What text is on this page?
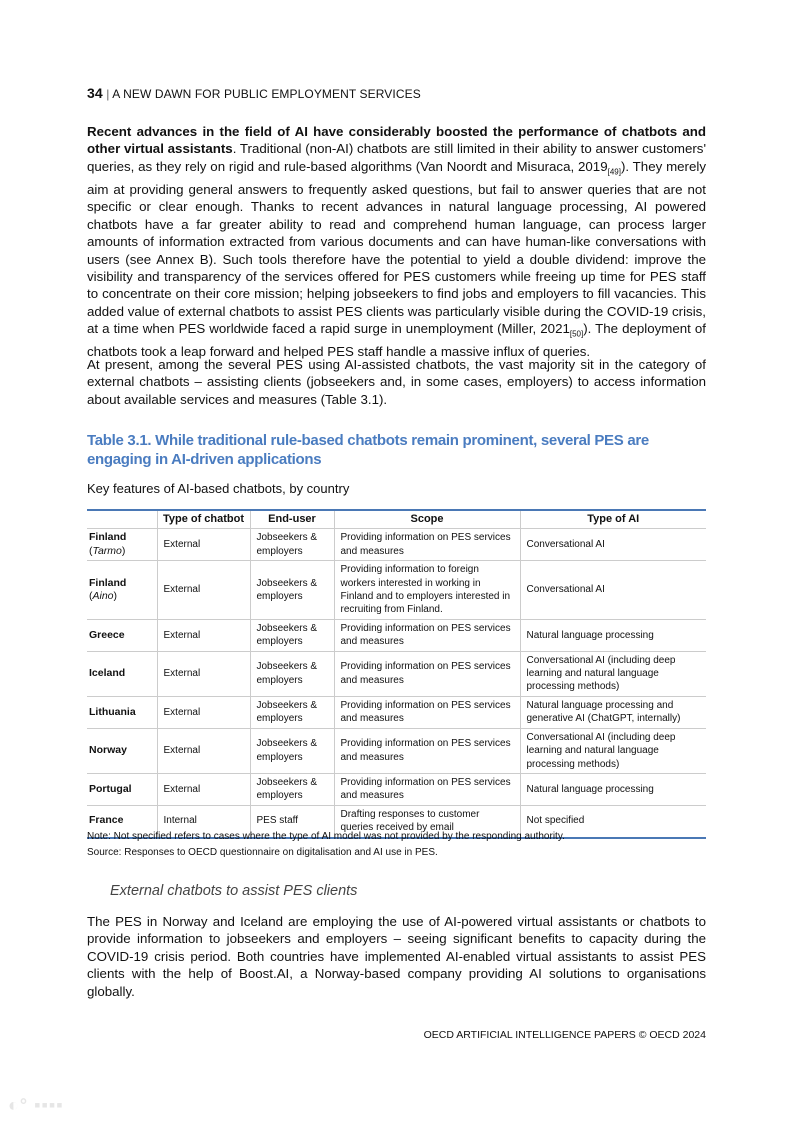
34 | A NEW DAWN FOR PUBLIC EMPLOYMENT SERVICES

Recent advances in the field of AI have considerably boosted the performance of chatbots and other virtual assistants. Traditional (non-AI) chatbots are still limited in their ability to answer customers' queries, as they rely on rigid and rule-based algorithms (Van Noordt and Misuraca, $2019_{[49]}$). They merely aim at providing general answers to frequently asked questions, but fail to answer queries that are not specific or clear enough. Thanks to recent advances in natural language processing, AI powered chatbots have a far greater ability to read and comprehend human language, can process larger amounts of information extracted from various documents and can have human-like conversations with users (see Annex B). Such tools therefore have the potential to yield a double dividend: improve the visibility and transparency of the services offered for PES customers while freeing up time for PES staff to concentrate on their core mission; helping jobseekers to find jobs and employers to fill vacancies. This added value of external chatbots to assist PES clients was particularly visible during the COVID-19 crisis, at a time when PES worldwide faced a rapid surge in unemployment (Miller, $2021_{[50]}$). The deployment of chatbots took a leap forward and helped PES staff handle a massive influx of queries.

At present, among the several PES using AI-assisted chatbots, the vast majority sit in the category of external chatbots – assisting clients (jobseekers and, in some cases, employers) to access information about available services and measures (Table 3.1).

Table 3.1. While traditional rule-based chatbots remain prominent, several PES are engaging in AI-driven applications
Key features of AI-based chatbots, by country
	Type of chatbot	End-user	Scope	Type of AI
Finland
(Tarmo)	External	Jobseekers & employers	Providing information on PES services and measures	Conversational AI
Finland
(Aino)	External	Jobseekers & employers	Providing information to foreign workers interested in working in Finland and to employers interested in recruiting from Finland.	Conversational AI
Greece	External	Jobseekers & employers	Providing information on PES services and measures	Natural language processing
Iceland	External	Jobseekers & employers	Providing information on PES services and measures	Conversational AI (including deep learning and natural language processing methods)
Lithuania	External	Jobseekers & employers	Providing information on PES services and measures	Natural language processing and generative AI (ChatGPT, internally)
Norway	External	Jobseekers & employers	Providing information on PES services and measures	Conversational AI (including deep learning and natural language processing methods)
Portugal	External	Jobseekers & employers	Providing information on PES services and measures	Natural language processing
France	Internal	PES staff	Drafting responses to customer queries received by email	Not specified
Note: Not specified refers to cases where the type of AI model was not provided by the responding authority.
Source: Responses to OECD questionnaire on digitalisation and AI use in PES.
External chatbots to assist PES clients

The PES in Norway and Iceland are employing the use of AI-powered virtual assistants or chatbots to provide information to jobseekers and employers – seeing significant benefits to capacity during the COVID-19 crisis period. Both countries have implemented AI-enabled virtual assistants to assist PES clients with the help of Boost.AI, a Norway-based company providing AI solutions to organisations globally.

OECD ARTIFICIAL INTELLIGENCE PAPERS © OECD 2024
◐° ▪▪▪▪
